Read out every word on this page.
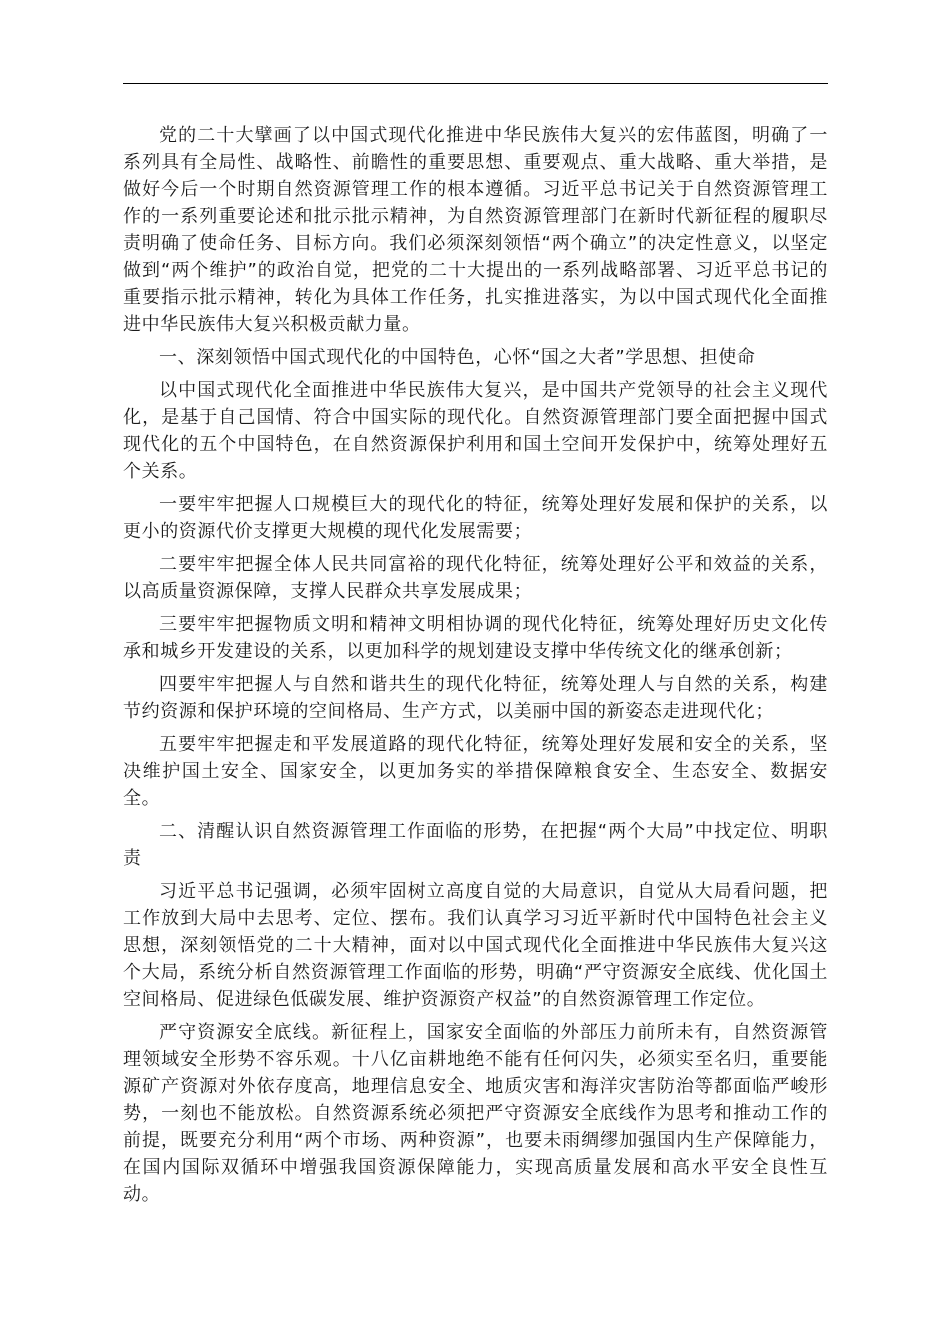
党的二十大擘画了以中国式现代化推进中华民族伟大复兴的宏伟蓝图，明确了一系列具有全局性、战略性、前瞻性的重要思想、重要观点、重大战略、重大举措，是做好今后一个时期自然资源管理工作的根本遵循。习近平总书记关于自然资源管理工作的一系列重要论述和批示批示精神，为自然资源管理部门在新时代新征程的履职尽责明确了使命任务、目标方向。我们必须深刻领悟“两个确立”的决定性意义，以坚定做到“两个维护”的政治自觉，把党的二十大提出的一系列战略部署、习近平总书记的重要指示批示精神，转化为具体工作任务，扎实推进落实，为以中国式现代化全面推进中华民族伟大复兴积极贡献力量。

一、深刻领悟中国式现代化的中国特色，心怀“国之大者”学思想、担使命

以中国式现代化全面推进中华民族伟大复兴，是中国共产党领导的社会主义现代化，是基于自己国情、符合中国实际的现代化。自然资源管理部门要全面把握中国式现代化的五个中国特色，在自然资源保护利用和国土空间开发保护中，统筹处理好五个关系。

一要牢牢把握人口规模巨大的现代化的特征，统筹处理好发展和保护的关系，以更小的资源代价支撑更大规模的现代化发展需要；

二要牢牢把握全体人民共同富裕的现代化特征，统筹处理好公平和效益的关系，以高质量资源保障，支撑人民群众共享发展成果；

三要牢牢把握物质文明和精神文明相协调的现代化特征，统筹处理好历史文化传承和城乡开发建设的关系，以更加科学的规划建设支撑中华传统文化的继承创新；

四要牢牢把握人与自然和谐共生的现代化特征，统筹处理人与自然的关系，构建节约资源和保护环境的空间格局、生产方式，以美丽中国的新姿态走进现代化；

五要牢牢把握走和平发展道路的现代化特征，统筹处理好发展和安全的关系，坚决维护国土安全、国家安全，以更加务实的举措保障粮食安全、生态安全、数据安全。

二、清醒认识自然资源管理工作面临的形势，在把握“两个大局”中找定位、明职责

习近平总书记强调，必须牢固树立高度自觉的大局意识，自觉从大局看问题，把工作放到大局中去思考、定位、摆布。我们认真学习习近平新时代中国特色社会主义思想，深刻领悟党的二十大精神，面对以中国式现代化全面推进中华民族伟大复兴这个大局，系统分析自然资源管理工作面临的形势，明确“严守资源安全底线、优化国土空间格局、促进绿色低碳发展、维护资源资产权益”的自然资源管理工作定位。

严守资源安全底线。新征程上，国家安全面临的外部压力前所未有，自然资源管理领域安全形势不容乐观。十八亿亩耕地绝不能有任何闪失，必须实至名归，重要能源矿产资源对外依存度高，地理信息安全、地质灾害和海洋灾害防治等都面临严峻形势，一刻也不能放松。自然资源系统必须把严守资源安全底线作为思考和推动工作的前提，既要充分利用“两个市场、两种资源”，也要未雨绸缪加强国内生产保障能力，在国内国际双循环中增强我国资源保障能力，实现高质量发展和高水平安全良性互动。
